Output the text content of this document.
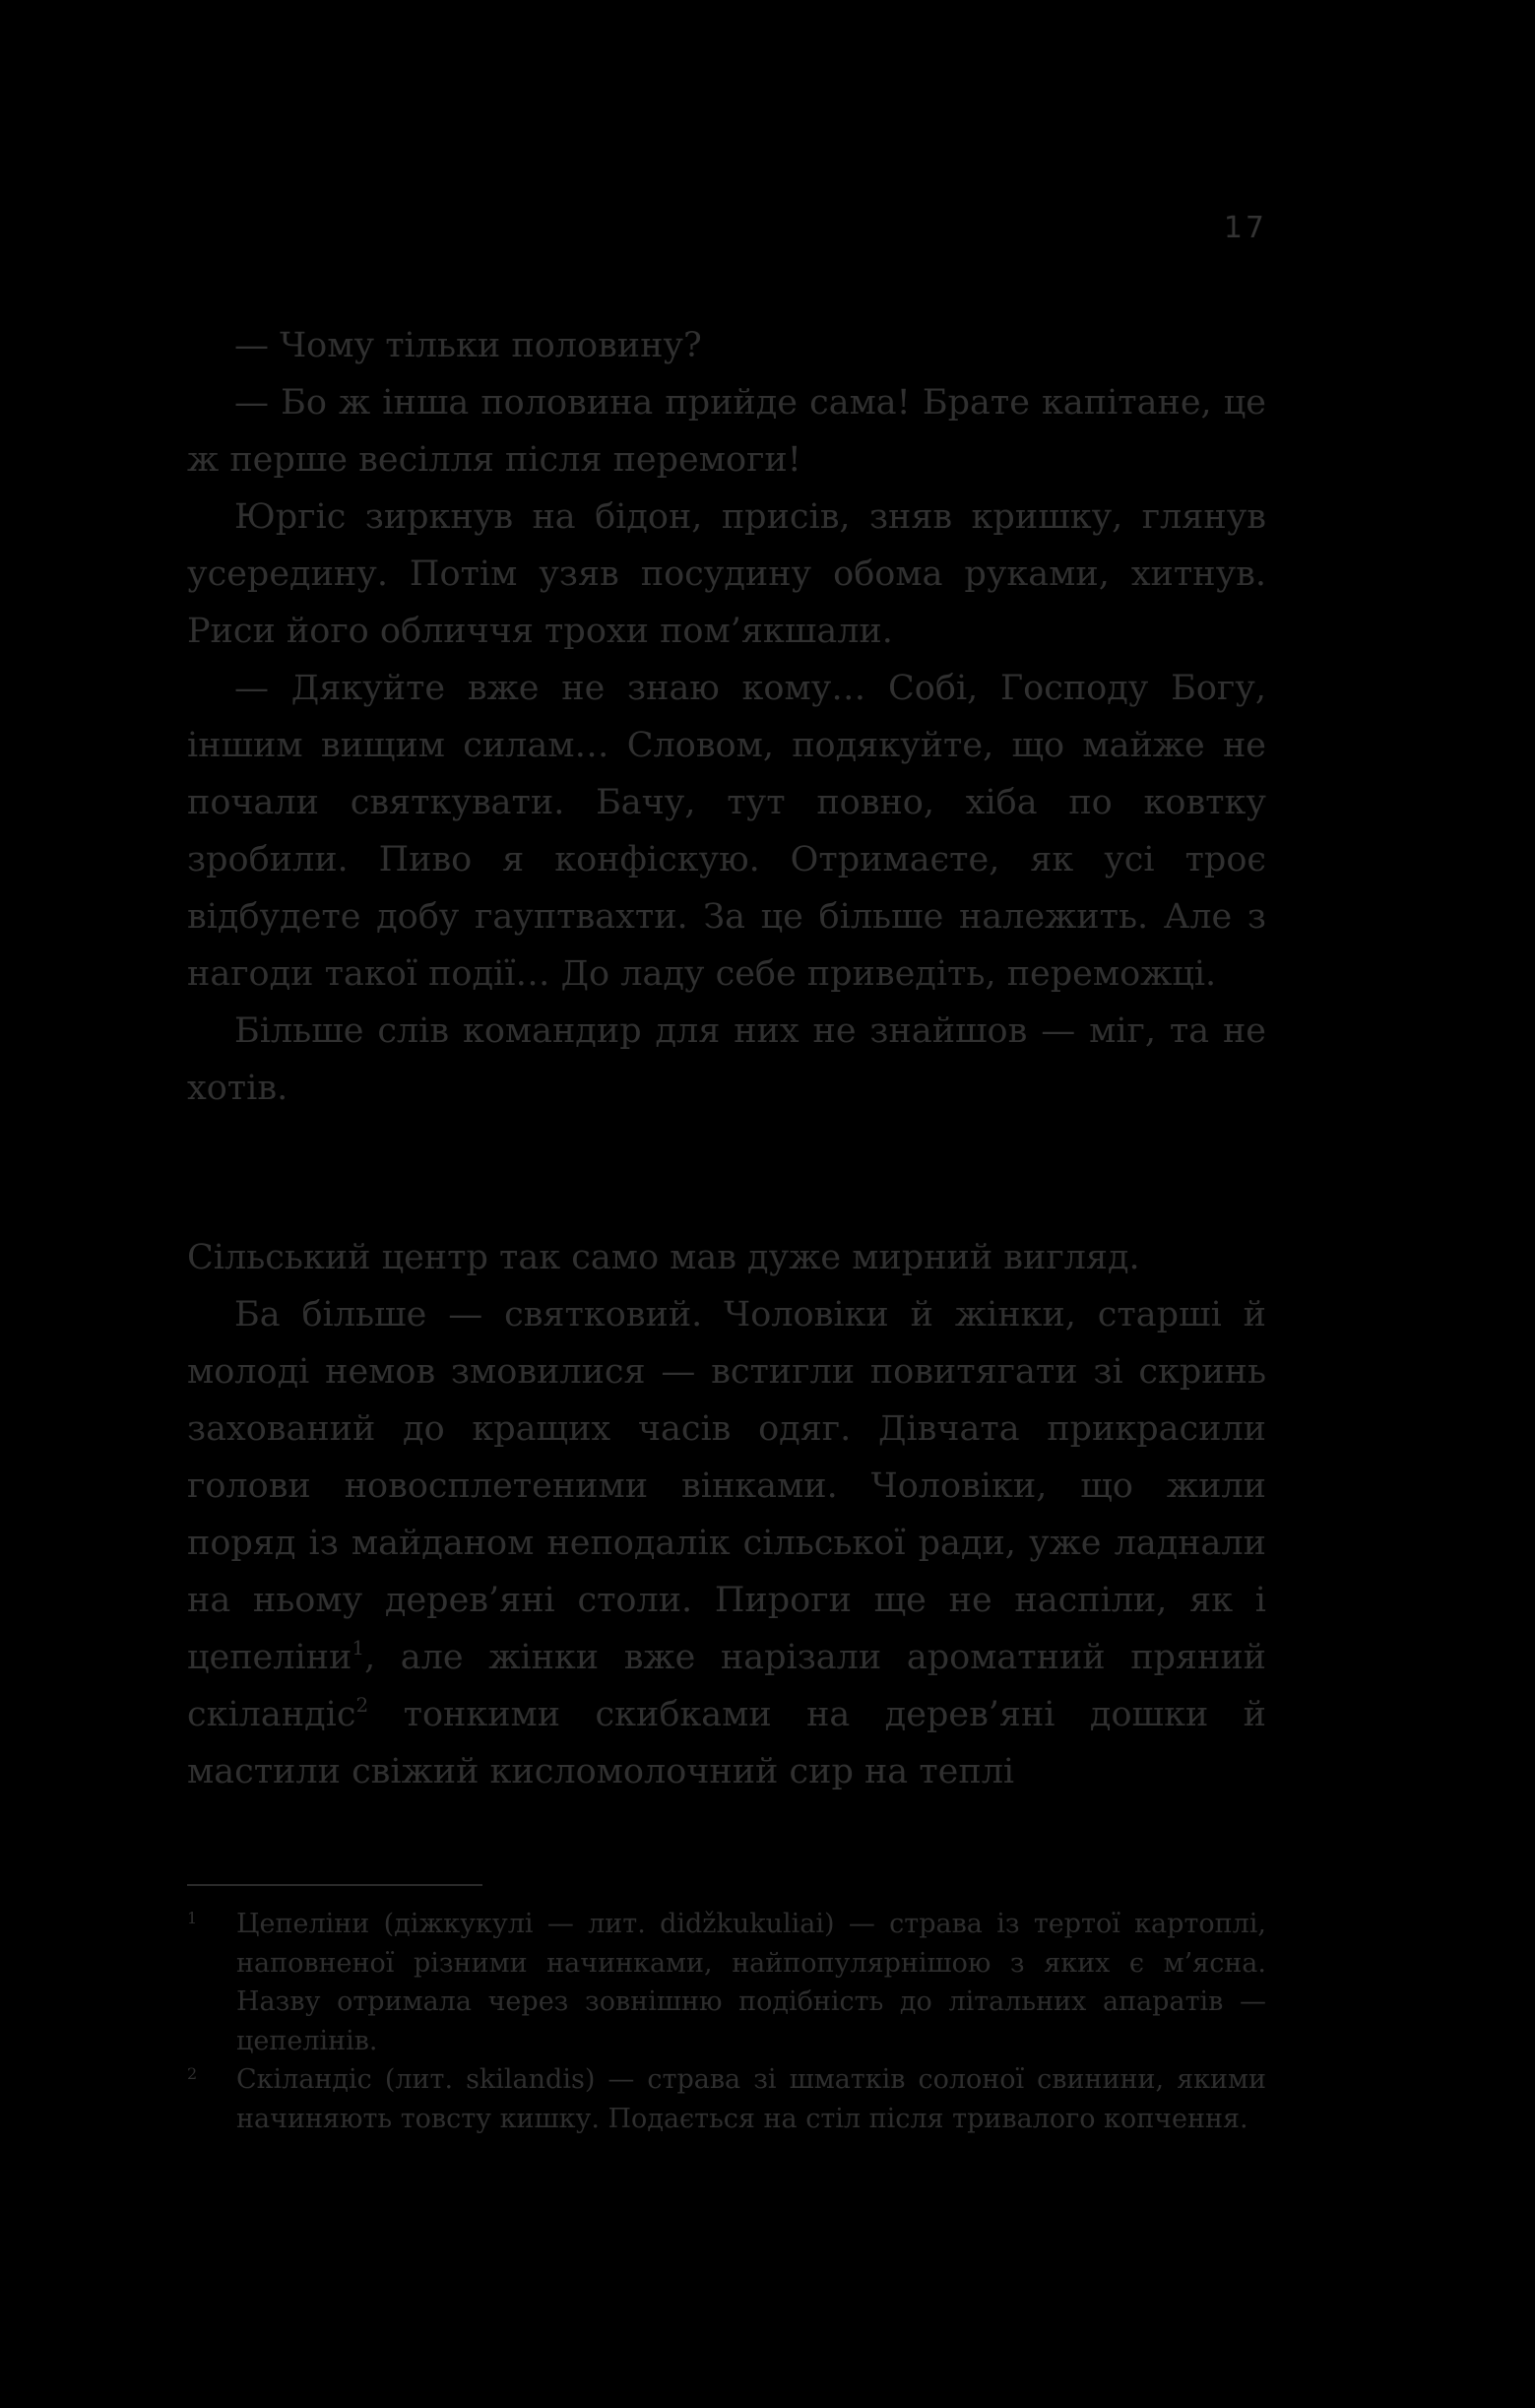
17

— Чому тільки половину?

— Бо ж інша половина прийде сама! Брате капітане, це ж перше весілля після перемоги!

Юргіс зиркнув на бідон, присів, зняв кришку, глянув усередину. Потім узяв посудину обома руками, хитнув. Риси його обличчя трохи пом’якшали.

— Дякуйте вже не знаю кому… Собі, Господу Богу, іншим вищим силам… Словом, подякуйте, що майже не почали святкувати. Бачу, тут повно, хіба по ковтку зробили. Пиво я конфіскую. Отримаєте, як усі троє відбудете добу гауптвахти. За це більше належить. Але з нагоди такої події… До ладу себе приведіть, переможці.

Більше слів командир для них не знайшов — міг, та не хотів.

Сільський центр так само мав дуже мирний вигляд.

Ба більше — святковий. Чоловіки й жінки, старші й молоді немов змовилися — встигли повитягати зі скринь захований до кращих часів одяг. Дівчата прикрасили голови новосплетеними вінками. Чоловіки, що жили поряд із майданом неподалік сільської ради, уже ладнали на ньому дерев’яні столи. Пироги ще не наспіли, як і цепеліни$^1$, але жінки вже нарізали ароматний пряний скіландіс$^2$ тонкими скибками на дерев’яні дошки й мастили свіжий кисломолочний сир на теплі

1 Цепеліни (діжкукулі — лит. didžkukuliai) — страва із тертої картоплі, наповненої різними начинками, найпопулярнішою з яких є м’ясна. Назву отримала через зовнішню подібність до літальних апаратів — цепелінів.
2 Скіландіс (лит. skilandis) — страва зі шматків солоної свинини, якими начиняють товсту кишку. Подається на стіл після тривалого копчення.
